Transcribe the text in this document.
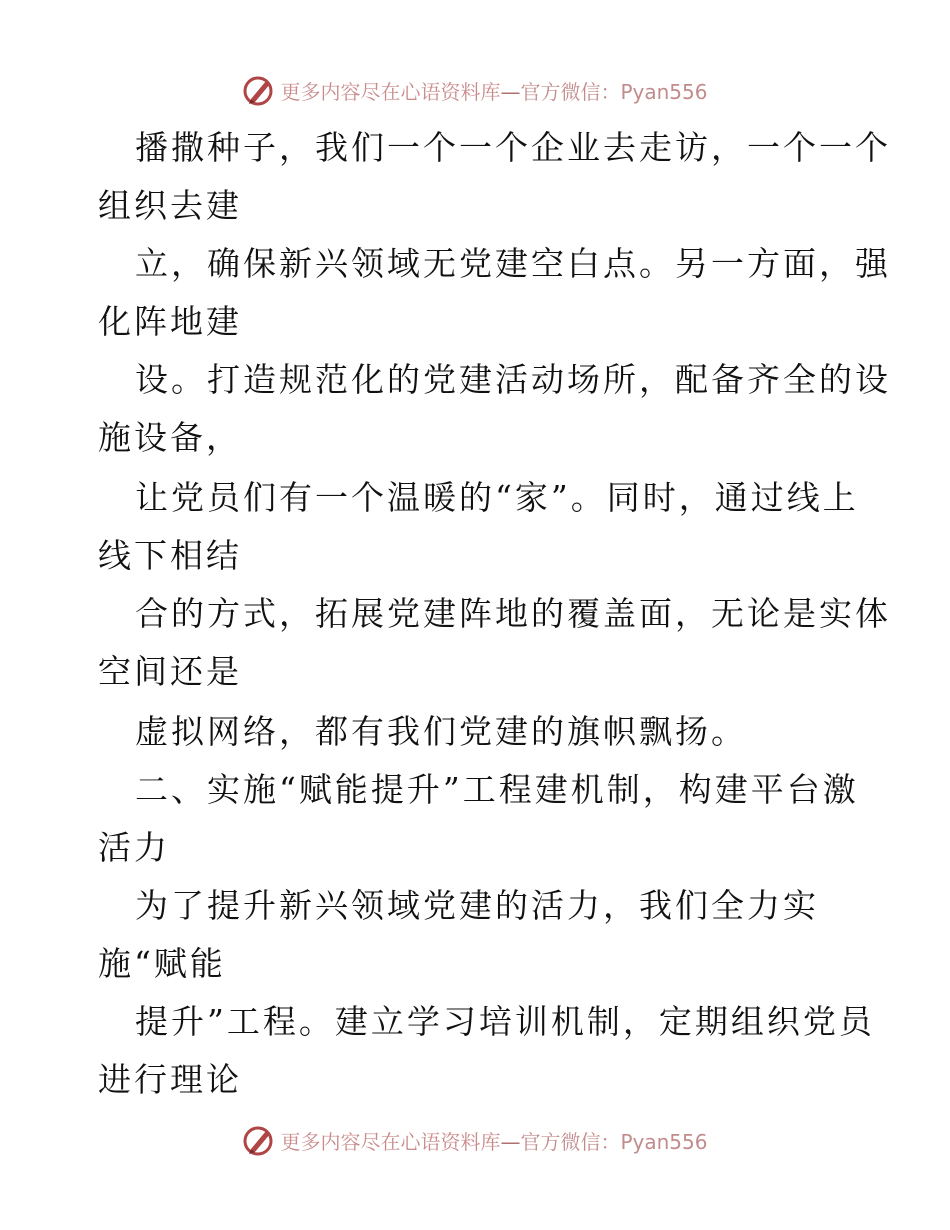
更多内容尽在心语资料库—官方微信：Pyan556
播撒种子，我们一个一个企业去走访，一个一个
组织去建
立，确保新兴领域无党建空白点。另一方面，强
化阵地建
设。打造规范化的党建活动场所，配备齐全的设
施设备，
让党员们有一个温暖的“家”。同时，通过线上
线下相结
合的方式，拓展党建阵地的覆盖面，无论是实体
空间还是
虚拟网络，都有我们党建的旗帜飘扬。
二、实施“赋能提升”工程建机制，构建平台激
活力
为了提升新兴领域党建的活力，我们全力实
施“赋能
提升”工程。建立学习培训机制，定期组织党员
进行理论
更多内容尽在心语资料库—官方微信：Pyan556
